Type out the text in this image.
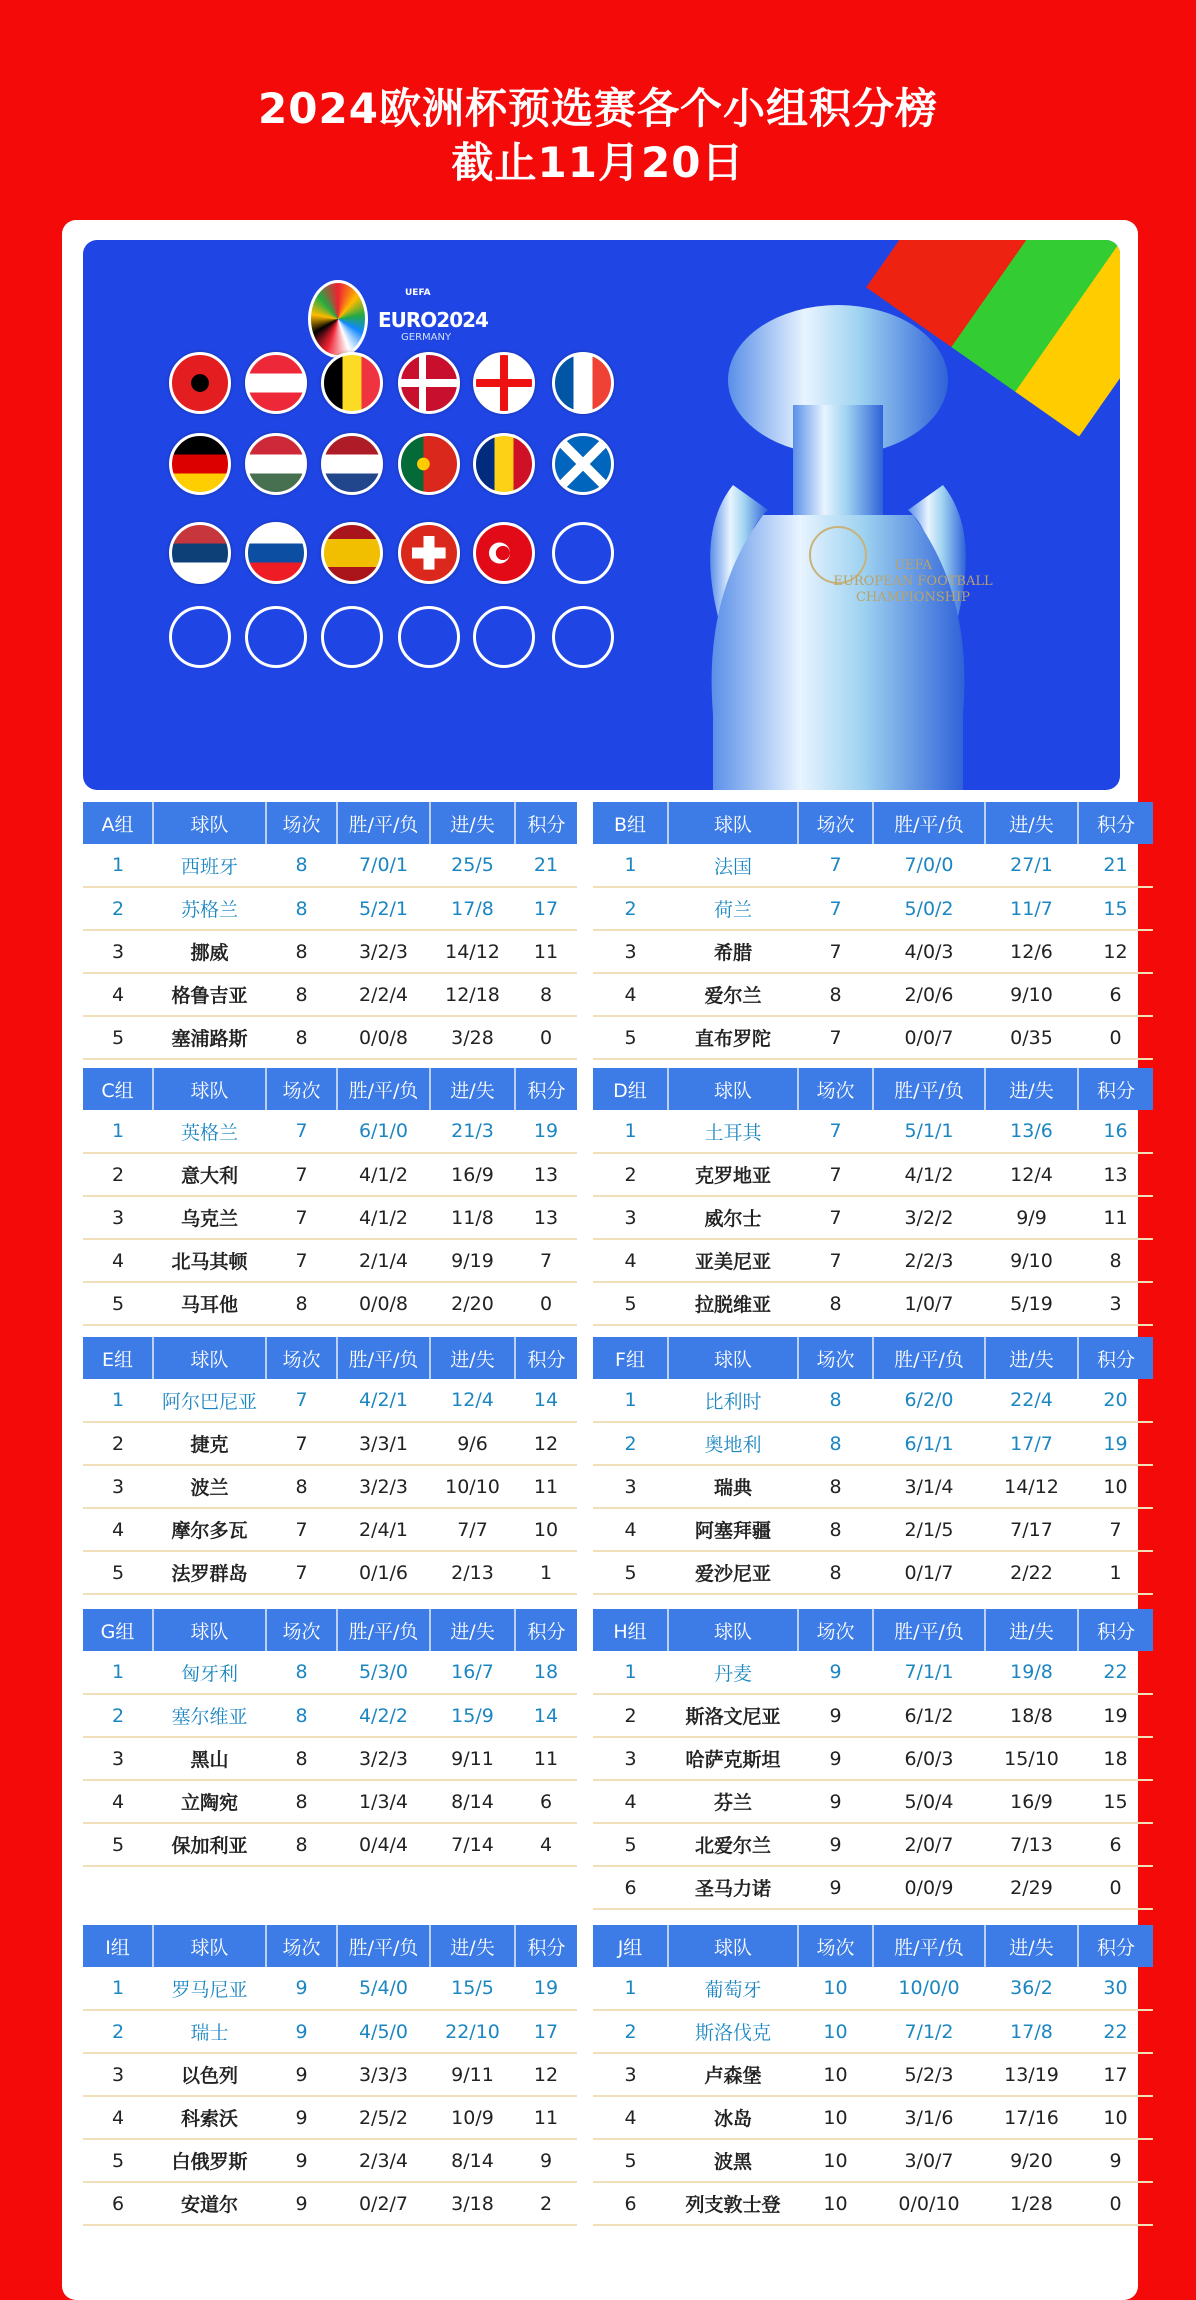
2024欧洲杯预选赛各个小组积分榜
截止11月20日
UEFA
EURO2024
GERMANY
UEFA
EUROPEAN FOOTBALL
CHAMPIONSHIP
A组	球队	场次	胜/平/负	进/失	积分
1	西班牙	8	7/0/1	25/5	21
2	苏格兰	8	5/2/1	17/8	17
3	挪威	8	3/2/3	14/12	11
4	格鲁吉亚	8	2/2/4	12/18	8
5	塞浦路斯	8	0/0/8	3/28	0
B组	球队	场次	胜/平/负	进/失	积分
1	法国	7	7/0/0	27/1	21
2	荷兰	7	5/0/2	11/7	15
3	希腊	7	4/0/3	12/6	12
4	爱尔兰	8	2/0/6	9/10	6
5	直布罗陀	7	0/0/7	0/35	0
C组	球队	场次	胜/平/负	进/失	积分
1	英格兰	7	6/1/0	21/3	19
2	意大利	7	4/1/2	16/9	13
3	乌克兰	7	4/1/2	11/8	13
4	北马其顿	7	2/1/4	9/19	7
5	马耳他	8	0/0/8	2/20	0
D组	球队	场次	胜/平/负	进/失	积分
1	土耳其	7	5/1/1	13/6	16
2	克罗地亚	7	4/1/2	12/4	13
3	威尔士	7	3/2/2	9/9	11
4	亚美尼亚	7	2/2/3	9/10	8
5	拉脱维亚	8	1/0/7	5/19	3
E组	球队	场次	胜/平/负	进/失	积分
1	阿尔巴尼亚	7	4/2/1	12/4	14
2	捷克	7	3/3/1	9/6	12
3	波兰	8	3/2/3	10/10	11
4	摩尔多瓦	7	2/4/1	7/7	10
5	法罗群岛	7	0/1/6	2/13	1
F组	球队	场次	胜/平/负	进/失	积分
1	比利时	8	6/2/0	22/4	20
2	奥地利	8	6/1/1	17/7	19
3	瑞典	8	3/1/4	14/12	10
4	阿塞拜疆	8	2/1/5	7/17	7
5	爱沙尼亚	8	0/1/7	2/22	1
G组	球队	场次	胜/平/负	进/失	积分
1	匈牙利	8	5/3/0	16/7	18
2	塞尔维亚	8	4/2/2	15/9	14
3	黑山	8	3/2/3	9/11	11
4	立陶宛	8	1/3/4	8/14	6
5	保加利亚	8	0/4/4	7/14	4
H组	球队	场次	胜/平/负	进/失	积分
1	丹麦	9	7/1/1	19/8	22
2	斯洛文尼亚	9	6/1/2	18/8	19
3	哈萨克斯坦	9	6/0/3	15/10	18
4	芬兰	9	5/0/4	16/9	15
5	北爱尔兰	9	2/0/7	7/13	6
6	圣马力诺	9	0/0/9	2/29	0
I组	球队	场次	胜/平/负	进/失	积分
1	罗马尼亚	9	5/4/0	15/5	19
2	瑞士	9	4/5/0	22/10	17
3	以色列	9	3/3/3	9/11	12
4	科索沃	9	2/5/2	10/9	11
5	白俄罗斯	9	2/3/4	8/14	9
6	安道尔	9	0/2/7	3/18	2
J组	球队	场次	胜/平/负	进/失	积分
1	葡萄牙	10	10/0/0	36/2	30
2	斯洛伐克	10	7/1/2	17/8	22
3	卢森堡	10	5/2/3	13/19	17
4	冰岛	10	3/1/6	17/16	10
5	波黑	10	3/0/7	9/20	9
6	列支敦士登	10	0/0/10	1/28	0
